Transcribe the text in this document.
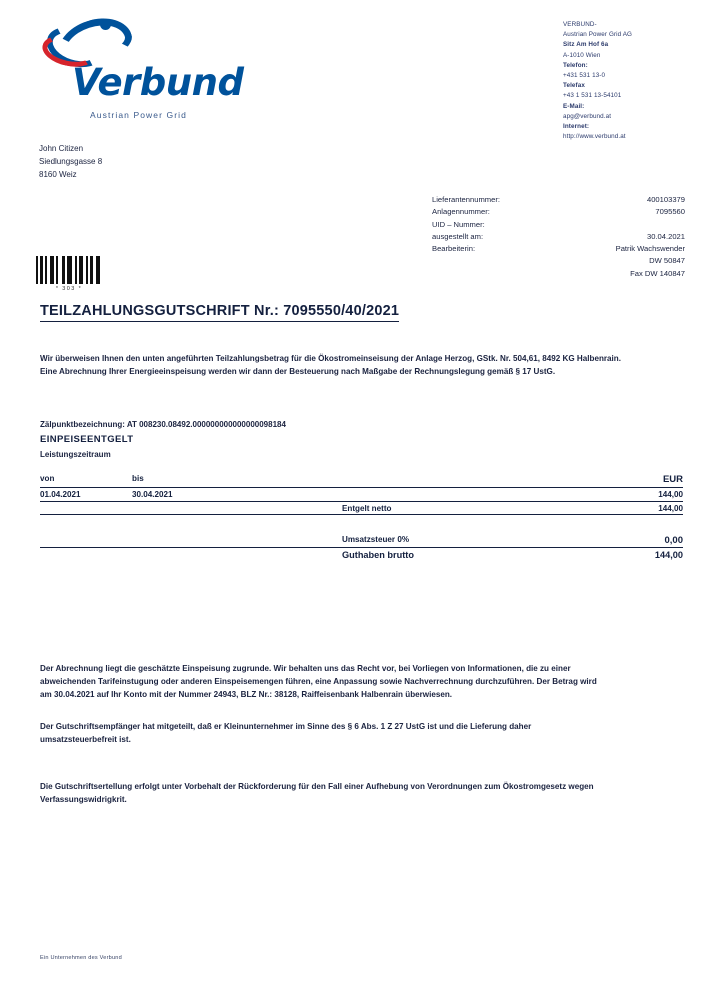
Verbund
Austrian Power Grid
VERBUND-
Austrian Power Grid AG
Sitz Am Hof 6a
A-1010 Wien
Telefon:
+431 531 13-0
Telefax
+43 1 531 13-54101
E-Mail:
apg@verbund.at
Internet:
http://www.verbund.at
John Citizen
Siedlungsgasse 8
8160 Weiz
Lieferantennummer:	400103379
Anlagennummer:	7095560
UID – Nummer:
ausgestellt am:	30.04.2021
Bearbeiterin:	Patrik Wachswender
DW 50847
Fax DW 140847
* 303 *
TEILZAHLUNGSGUTSCHRIFT Nr.: 7095550/40/2021
Wir überweisen Ihnen den unten angeführten Teilzahlungsbetrag für die Ökostromeinseisung der Anlage Herzog, GStk. Nr. 504,61, 8492 KG Halbenrain. Eine Abrechnung Ihrer Energieeinspeisung werden wir dann der Besteuerung nach Maßgabe der Rechnungslegung gemäß § 17 UstG.
Zälpunktbezeichnung: AT 008230.08492.000000000000000098184
EINPEISEENTGELT
Leistungszeitraum
von	bis	EUR
01.04.2021	30.04.2021	144,00
Entgelt netto	144,00
Umsatzsteuer 0%	0,00
Guthaben brutto	144,00
Der Abrechnung liegt die geschätzte Einspeisung zugrunde. Wir behalten uns das Recht vor, bei Vorliegen von Informationen, die zu einer abweichenden Tarifeinstugung oder anderen Einspeisemengen führen, eine Anpassung sowie Nachverrechnung durchzuführen. Der Betrag wird am 30.04.2021 auf Ihr Konto mit der Nummer 24943, BLZ Nr.: 38128, Raiffeisenbank Halbenrain überwiesen.
Der Gutschriftsempfänger hat mitgeteilt, daß er Kleinunternehmer im Sinne des § 6 Abs. 1 Z 27 UstG ist und die Lieferung daher umsatzsteuerbefreit ist.
Die Gutschriftsertellung erfolgt unter Vorbehalt der Rückforderung für den Fall einer Aufhebung von Verordnungen zum Ökostromgesetz wegen Verfassungswidrigkrit.
Ein Unternehmen des Verbund
